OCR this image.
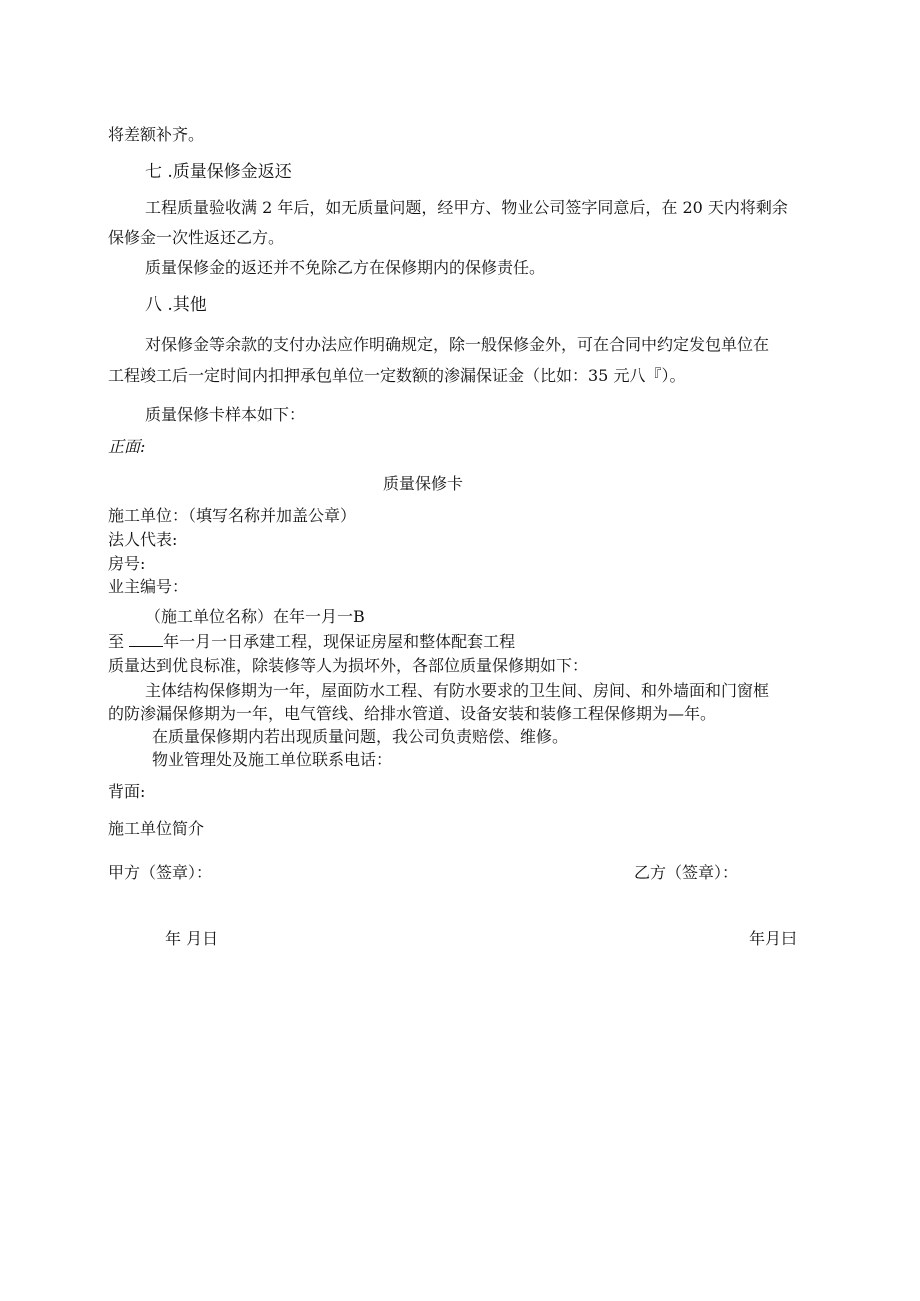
将差额补齐。
七 .质量保修金返还
工程质量验收满 2 年后，如无质量问题，经甲方、物业公司签字同意后，在 20 天内将剩余
保修金一次性返还乙方。
质量保修金的返还并不免除乙方在保修期内的保修责任。
八 .其他
对保修金等余款的支付办法应作明确规定，除一般保修金外，可在合同中约定发包单位在
工程竣工后一定时间内扣押承包单位一定数额的渗漏保证金（比如：35 元八『）。
质量保修卡样本如下：
正面:
质量保修卡
施工单位：（填写名称并加盖公章）
法人代表:
房号:
业主编号：
（施工单位名称）在年一月一B
至 年一月一日承建工程，现保证房屋和整体配套工程
质量达到优良标准，除装修等人为损坏外，各部位质量保修期如下：
主体结构保修期为一年，屋面防水工程、有防水要求的卫生间、房间、和外墙面和门窗框
的防渗漏保修期为一年，电气管线、给排水管道、设备安装和装修工程保修期为—年。
在质量保修期内若出现质量问题，我公司负责赔偿、维修。
物业管理处及施工单位联系电话：
背面:
施工单位简介
甲方（签章）：	乙方（签章）：
年 月日	年月曰
